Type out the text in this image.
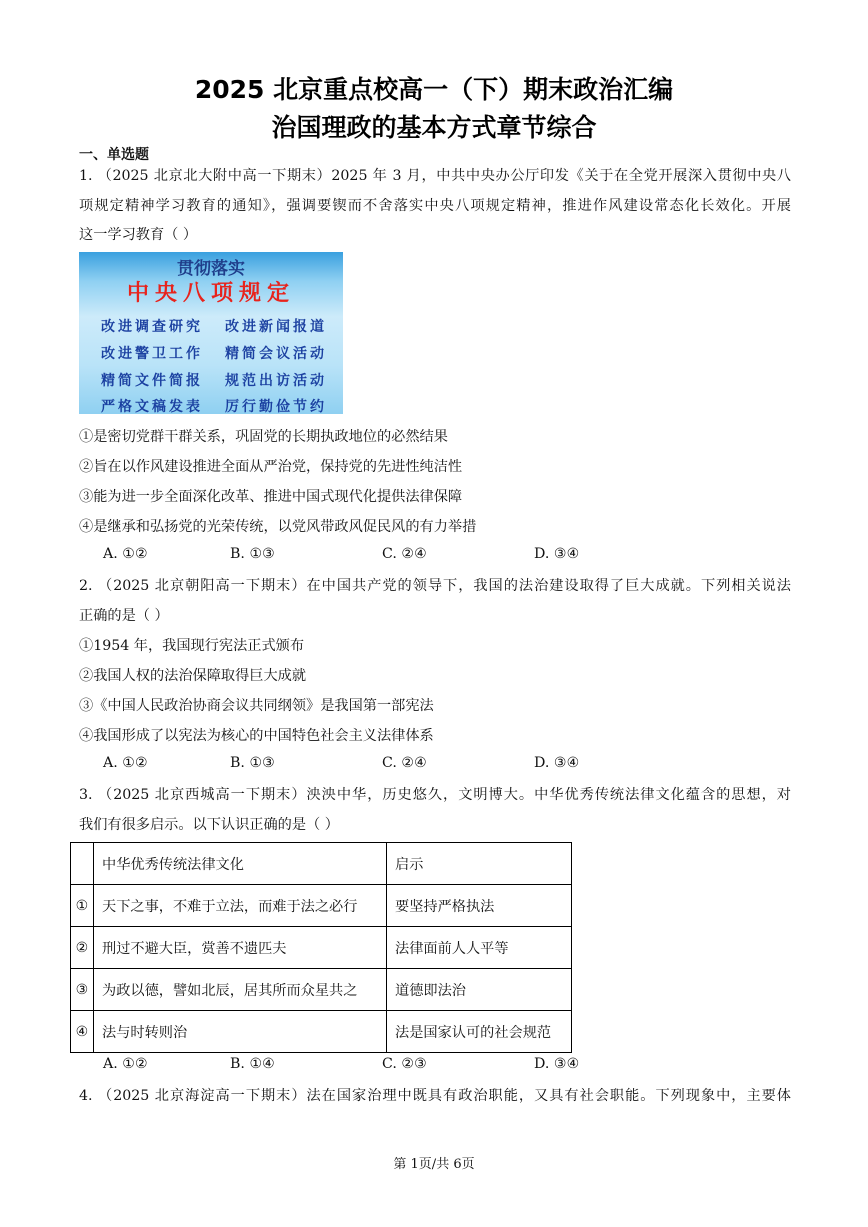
2025 北京重点校高一（下）期末政治汇编
治国理政的基本方式章节综合
一、单选题
1. （2025 北京北大附中高一下期末）2025 年 3 月，中共中央办公厅印发《关于在全党开展深入贯彻中央八
项规定精神学习教育的通知》，强调要锲而不舍落实中央八项规定精神，推进作风建设常态化长效化。开展
这一学习教育（ ）
贯彻落实
中央八项规定
改进调查研究 改进新闻报道
改进警卫工作 精简会议活动
精简文件简报 规范出访活动
严格文稿发表 厉行勤俭节约
①是密切党群干群关系，巩固党的长期执政地位的必然结果
②旨在以作风建设推进全面从严治党，保持党的先进性纯洁性
③能为进一步全面深化改革、推进中国式现代化提供法律保障
④是继承和弘扬党的光荣传统，以党风带政风促民风的有力举措
A. ①②	B. ①③	C. ②④	D. ③④
2. （2025 北京朝阳高一下期末）在中国共产党的领导下，我国的法治建设取得了巨大成就。下列相关说法
正确的是（ ）
①1954 年，我国现行宪法正式颁布
②我国人权的法治保障取得巨大成就
③《中国人民政治协商会议共同纲领》是我国第一部宪法
④我国形成了以宪法为核心的中国特色社会主义法律体系
A. ①②	B. ①③	C. ②④	D. ③④
3. （2025 北京西城高一下期末）泱泱中华，历史悠久，文明博大。中华优秀传统法律文化蕴含的思想，对
我们有很多启示。以下认识正确的是（ ）
	中华优秀传统法律文化	启示
①	天下之事，不难于立法，而难于法之必行	要坚持严格执法
②	刑过不避大臣，赏善不遗匹夫	法律面前人人平等
③	为政以德，譬如北辰，居其所而众星共之	道德即法治
④	法与时转则治	法是国家认可的社会规范
A. ①②	B. ①④	C. ②③	D. ③④
4. （2025 北京海淀高一下期末）法在国家治理中既具有政治职能，又具有社会职能。下列现象中，主要体
第 1页/共 6页
